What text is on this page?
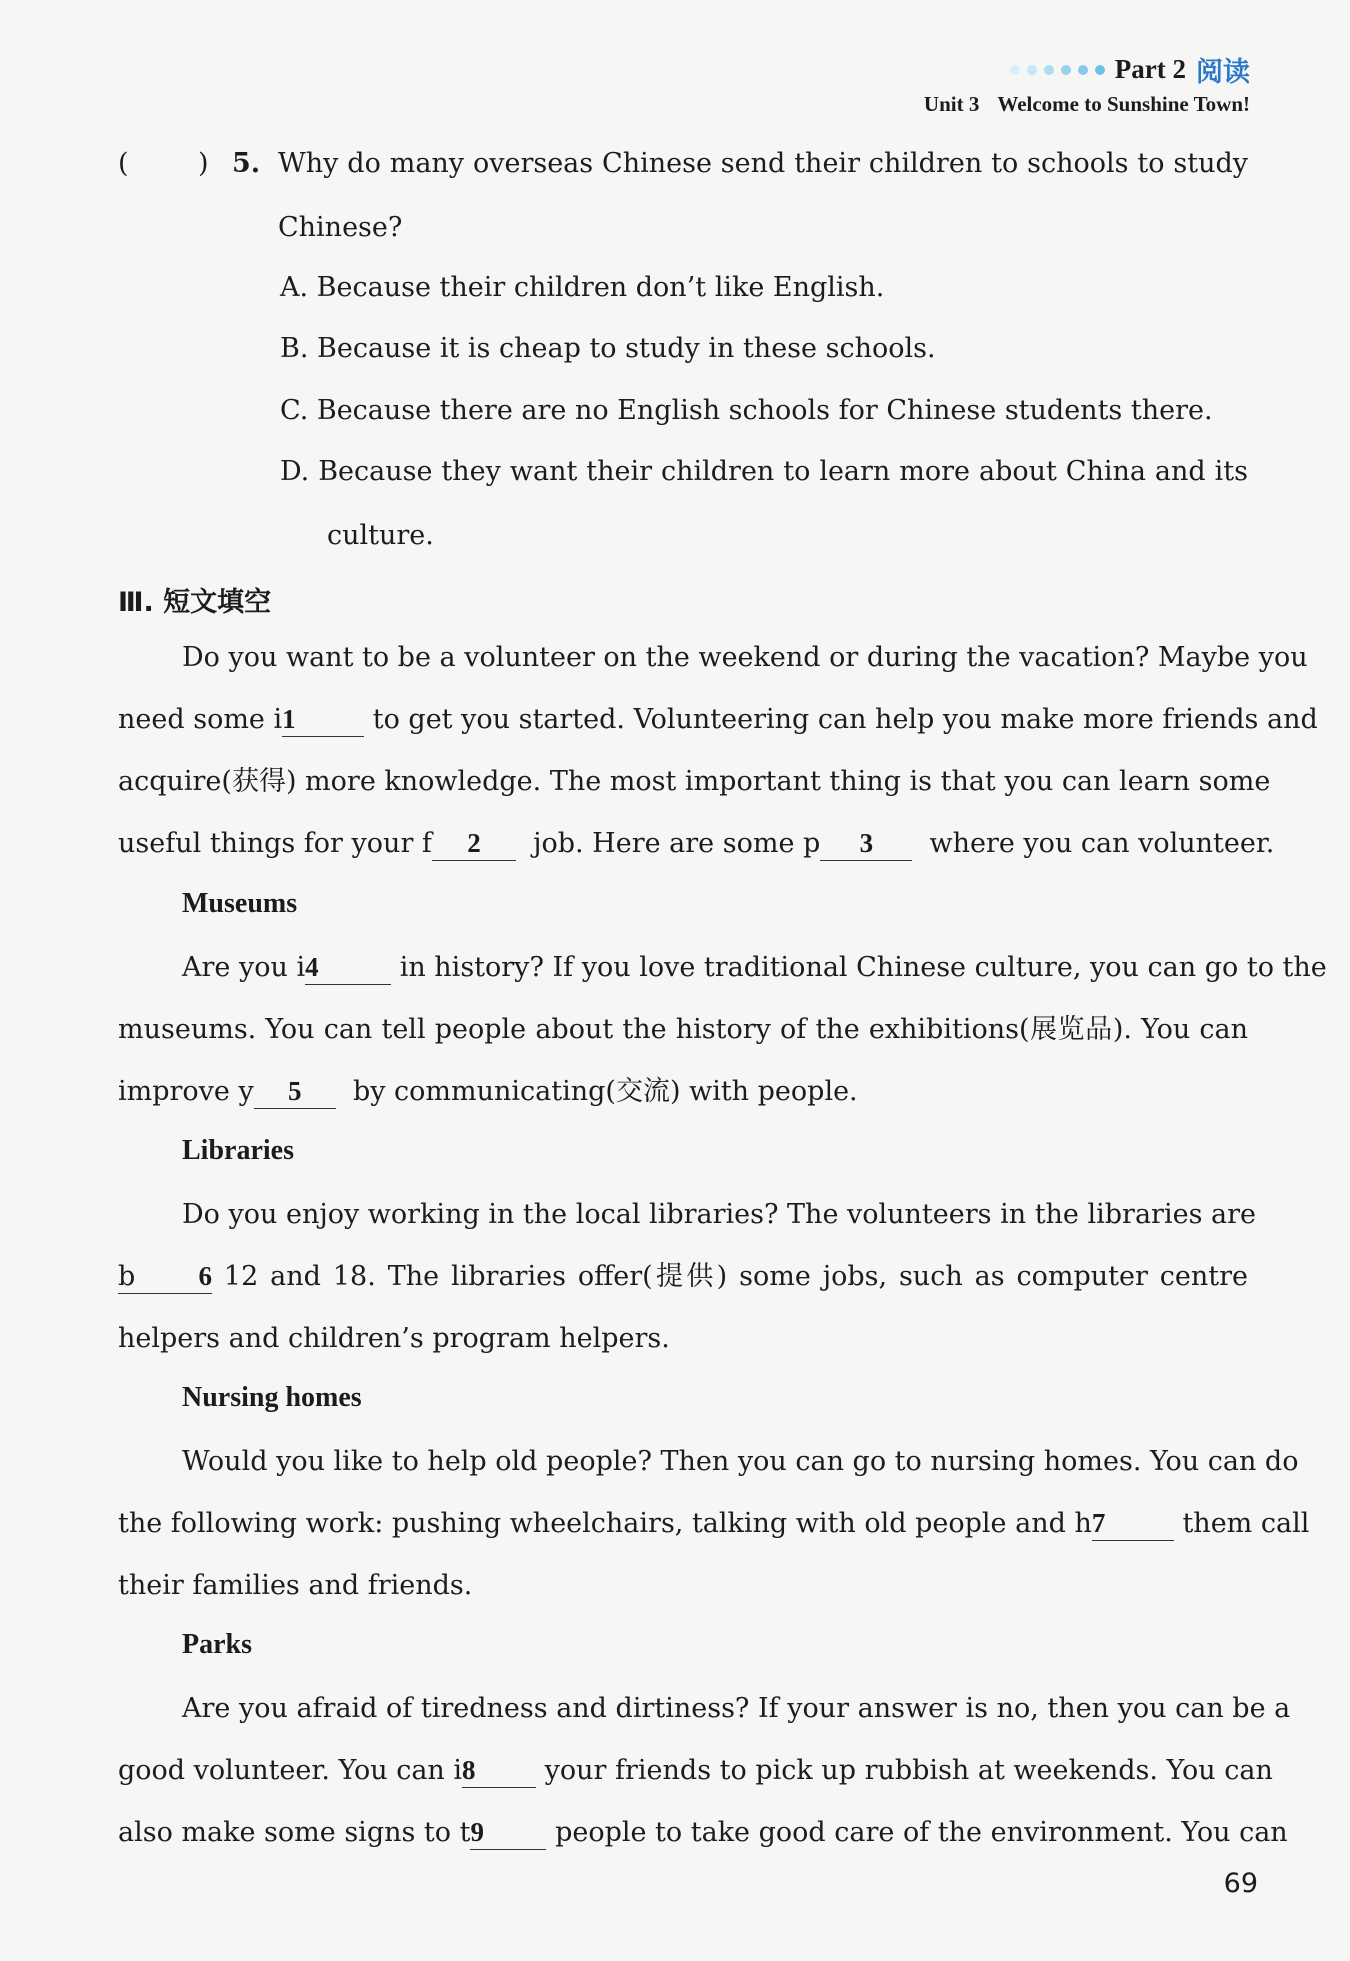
Part 2 阅读
Unit 3 Welcome to Sunshine Town!
(	) 5. Why do many overseas Chinese send their children to schools to study
Chinese?
A. Because their children don’t like English.
B. Because it is cheap to study in these schools.
C. Because there are no English schools for Chinese students there.
D. Because they want their children to learn more about China and its
culture.
Ⅲ. 短文填空
Do you want to be a volunteer on the weekend or during the vacation? Maybe you
need some i1	to get you started. Volunteering can help you make more friends and
acquire(获得) more knowledge. The most important thing is that you can learn some
useful things for your f 2 job. Here are some p 3 where you can volunteer.
Museums
Are you i4	in history? If you love traditional Chinese culture, you can go to the
museums. You can tell people about the history of the exhibitions(展览品). You can
improve y 5 by communicating(交流) with people.
Libraries
Do you enjoy working in the local libraries? The volunteers in the libraries are
b 6 12 and 18. The libraries offer(提供) some jobs, such as computer centre
helpers and children’s program helpers.
Nursing homes
Would you like to help old people? Then you can go to nursing homes. You can do
the following work: pushing wheelchairs, talking with old people and h7	them call
their families and friends.
Parks
Are you afraid of tiredness and dirtiness? If your answer is no, then you can be a
good volunteer. You can i8	your friends to pick up rubbish at weekends. You can
also make some signs to t9	people to take good care of the environment. You can
69
